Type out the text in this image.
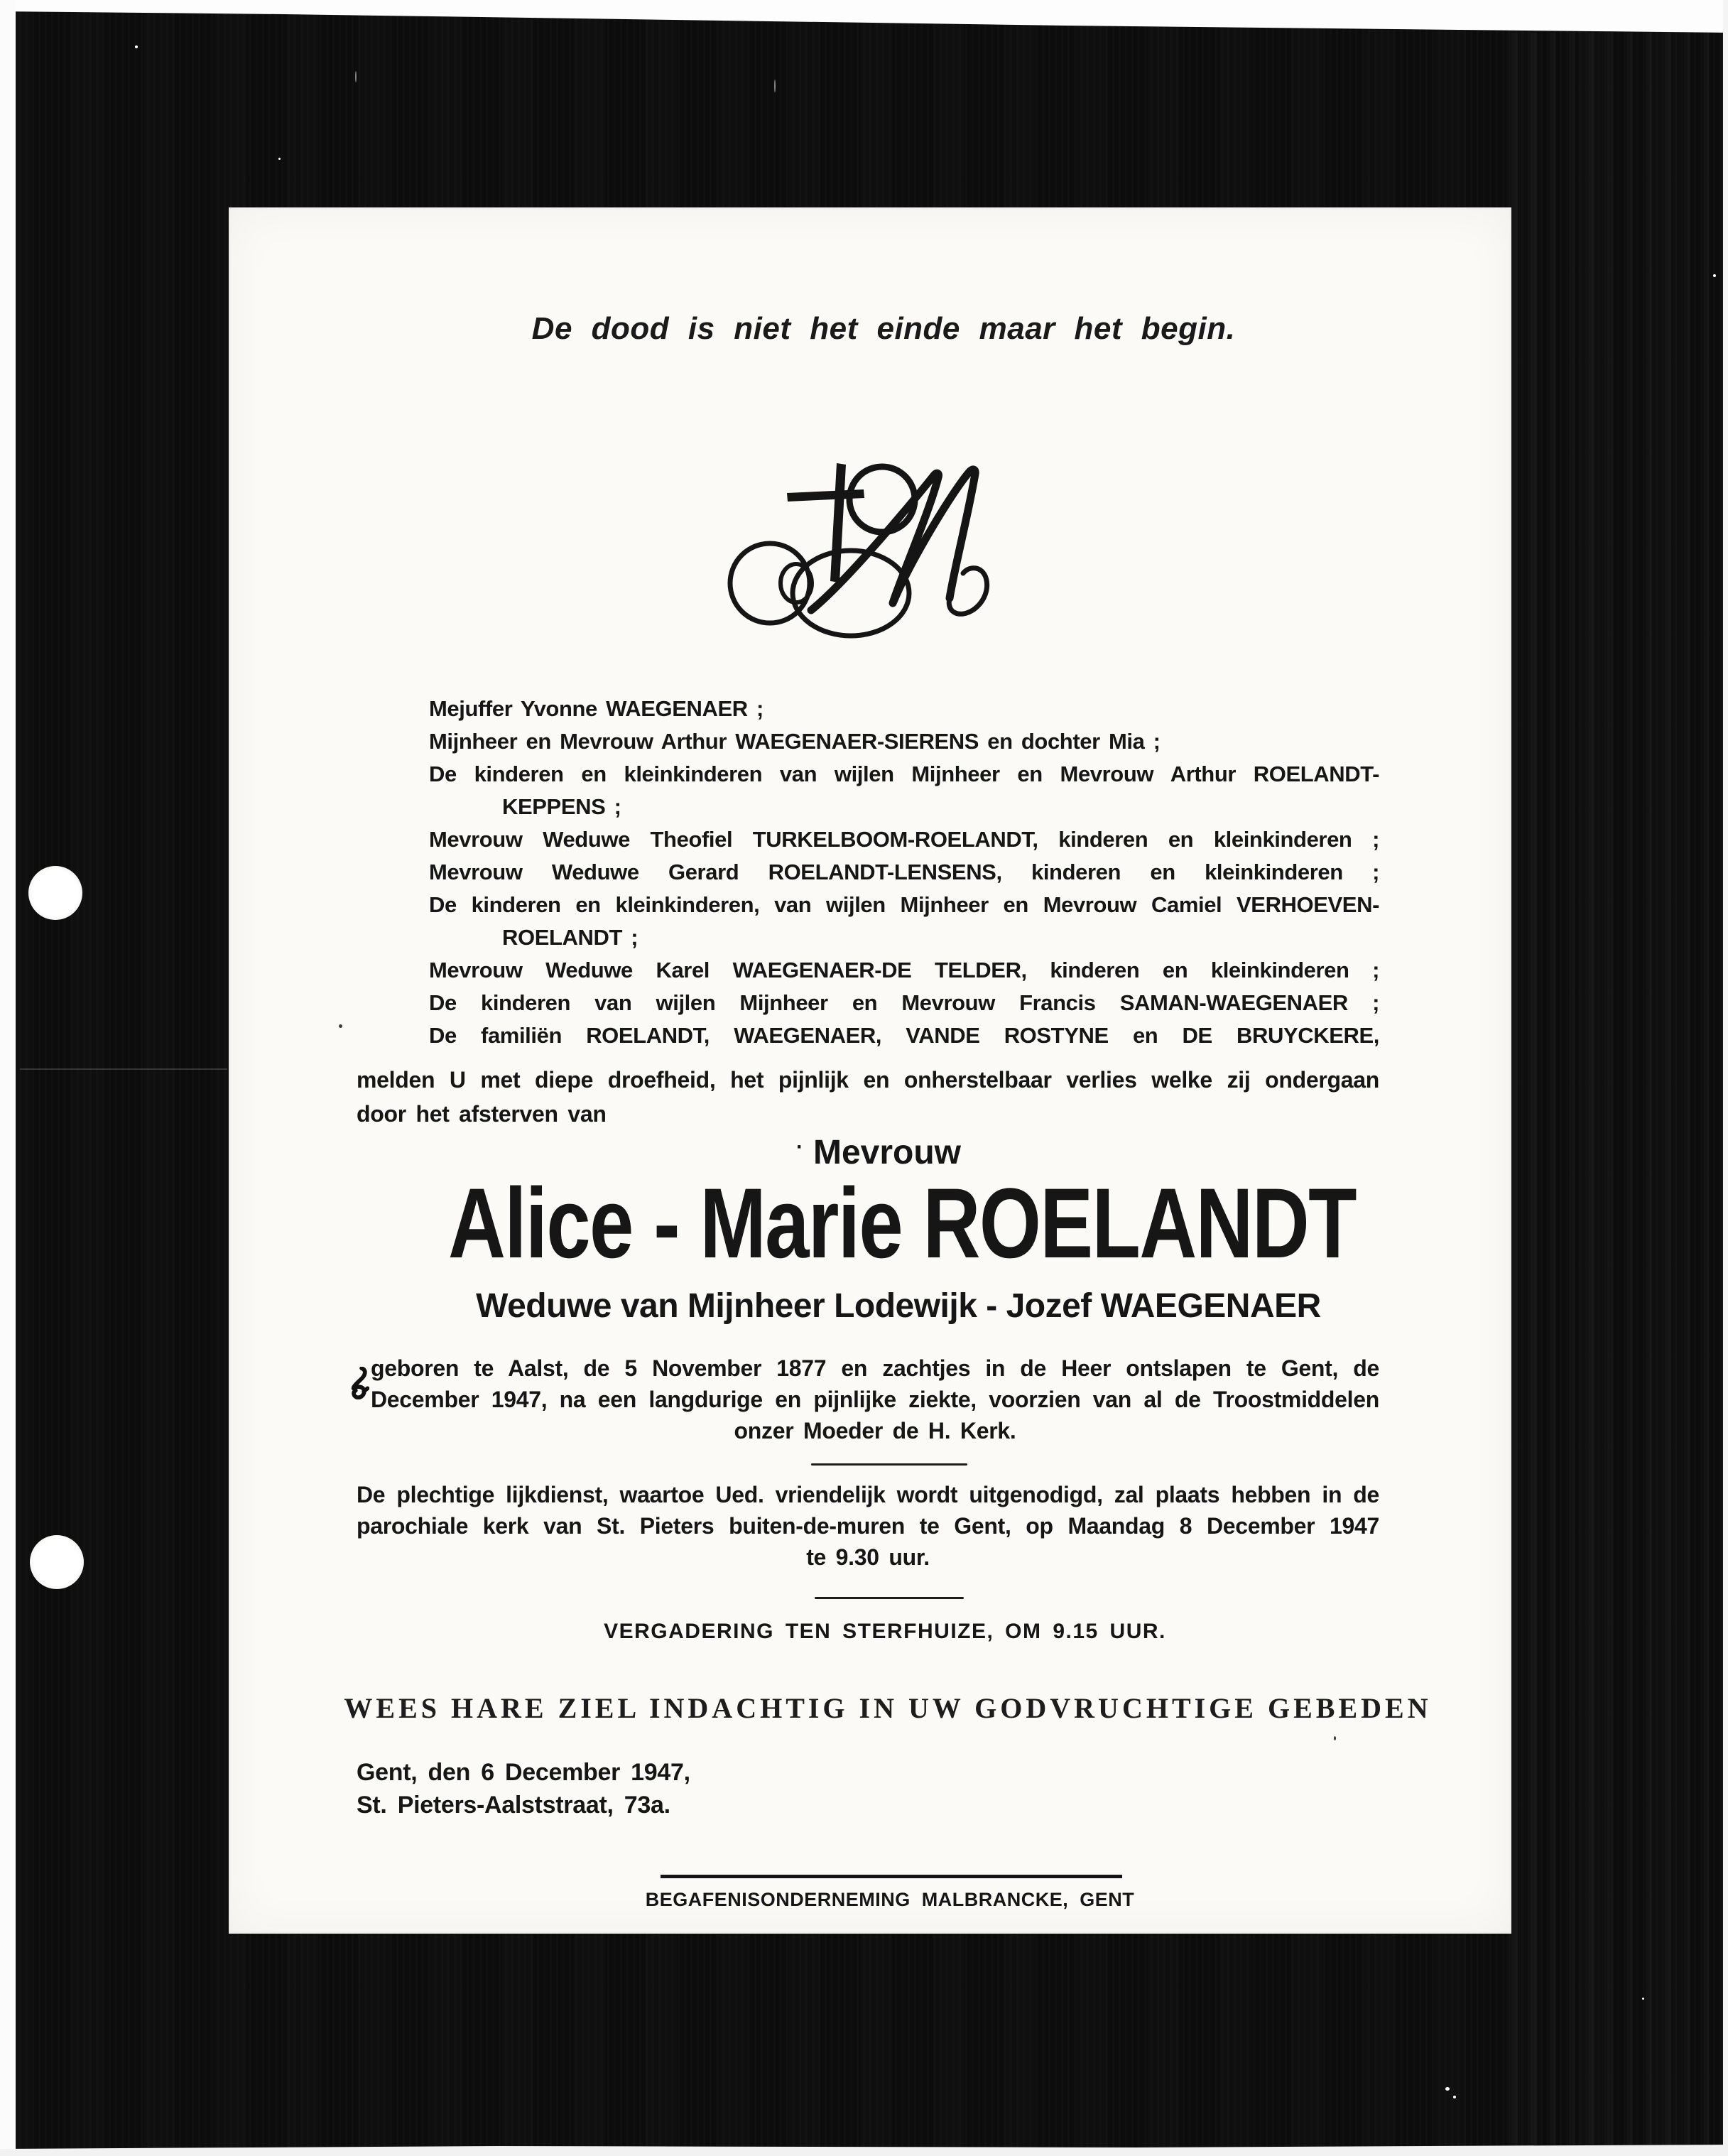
De dood is niet het einde maar het begin.
Mejuffer Yvonne WAEGENAER ;
Mijnheer en Mevrouw Arthur WAEGENAER-SIERENS en dochter Mia ;
De kinderen en kleinkinderen van wijlen Mijnheer en Mevrouw Arthur ROELANDT-
KEPPENS ;
Mevrouw Weduwe Theofiel TURKELBOOM-ROELANDT, kinderen en kleinkinderen ;
Mevrouw Weduwe Gerard ROELANDT-LENSENS, kinderen en kleinkinderen ;
De kinderen en kleinkinderen, van wijlen Mijnheer en Mevrouw Camiel VERHOEVEN-
ROELANDT ;
Mevrouw Weduwe Karel WAEGENAER-DE TELDER, kinderen en kleinkinderen ;
De kinderen van wijlen Mijnheer en Mevrouw Francis SAMAN-WAEGENAER ;
De familiën ROELANDT, WAEGENAER, VANDE ROSTYNE en DE BRUYCKERE,
melden U met diepe droefheid, het pijnlijk en onherstelbaar verlies welke zij ondergaan
door het afsterven van
· Mevrouw
Alice - Marie ROELANDT
Weduwe van Mijnheer Lodewijk - Jozef WAEGENAER
geboren te Aalst, de 5 November 1877 en zachtjes in de Heer ontslapen te Gent, de
December 1947, na een langdurige en pijnlijke ziekte, voorzien van al de Troostmiddelen
onzer Moeder de H. Kerk.
De plechtige lijkdienst, waartoe Ued. vriendelijk wordt uitgenodigd, zal plaats hebben in de
parochiale kerk van St. Pieters buiten-de-muren te Gent, op Maandag 8 December 1947
te 9.30 uur.
VERGADERING TEN STERFHUIZE, OM 9.15 UUR.
WEES HARE ZIEL INDACHTIG IN UW GODVRUCHTIGE GEBEDEN
Gent, den 6 December 1947,
St. Pieters-Aalststraat, 73a.
BEGAFENISONDERNEMING MALBRANCKE, GENT
